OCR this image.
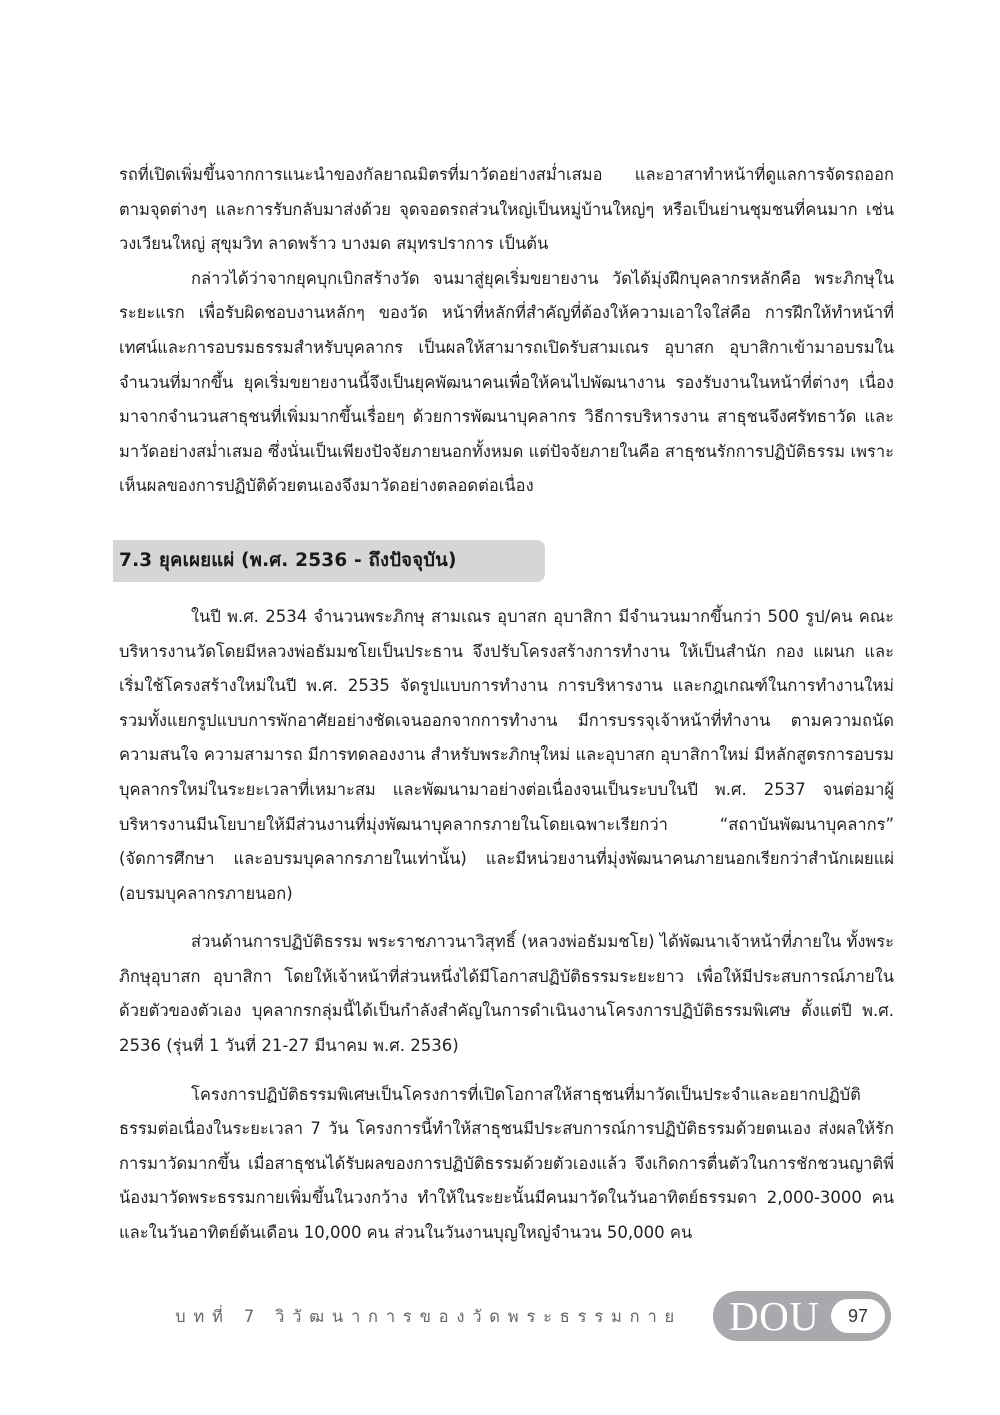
รถที่เปิดเพิ่มขึ้นจากการแนะนำของกัลยาณมิตรที่มาวัดอย่างสม่ำเสมอ และอาสาทำหน้าที่ดูแลการจัดรถออกตามจุดต่างๆ และการรับกลับมาส่งด้วย จุดจอดรถส่วนใหญ่เป็นหมู่บ้านใหญ่ๆ หรือเป็นย่านชุมชนที่คนมาก เช่น วงเวียนใหญ่ สุขุมวิท ลาดพร้าว บางมด สมุทรปราการ เป็นต้น

กล่าวได้ว่าจากยุคบุกเบิกสร้างวัด จนมาสู่ยุคเริ่มขยายงาน วัดได้มุ่งฝึกบุคลากรหลักคือ พระภิกษุในระยะแรก เพื่อรับผิดชอบงานหลักๆ ของวัด หน้าที่หลักที่สำคัญที่ต้องให้ความเอาใจใส่คือ การฝึกให้ทำหน้าที่เทศน์และการอบรมธรรมสำหรับบุคลากร เป็นผลให้สามารถเปิดรับสามเณร อุบาสก อุบาสิกาเข้ามาอบรมในจำนวนที่มากขึ้น ยุคเริ่มขยายงานนี้จึงเป็นยุคพัฒนาคนเพื่อให้คนไปพัฒนางาน รองรับงานในหน้าที่ต่างๆ เนื่องมาจากจำนวนสาธุชนที่เพิ่มมากขึ้นเรื่อยๆ ด้วยการพัฒนาบุคลากร วิธีการบริหารงาน สาธุชนจึงศรัทธาวัด และมาวัดอย่างสม่ำเสมอ ซึ่งนั่นเป็นเพียงปัจจัยภายนอกทั้งหมด แต่ปัจจัยภายในคือ สาธุชนรักการปฏิบัติธรรม เพราะเห็นผลของการปฏิบัติด้วยตนเองจึงมาวัดอย่างตลอดต่อเนื่อง

7.3 ยุคเผยแผ่ (พ.ศ. 2536 - ถึงปัจจุบัน)

ในปี พ.ศ. 2534 จำนวนพระภิกษุ สามเณร อุบาสก อุบาสิกา มีจำนวนมากขึ้นกว่า 500 รูป/คน คณะบริหารงานวัดโดยมีหลวงพ่อธัมมชโยเป็นประธาน จึงปรับโครงสร้างการทำงาน ให้เป็นสำนัก กอง แผนก และเริ่มใช้โครงสร้างใหม่ในปี พ.ศ. 2535 จัดรูปแบบการทำงาน การบริหารงาน และกฎเกณฑ์ในการทำงานใหม่ รวมทั้งแยกรูปแบบการพักอาศัยอย่างชัดเจนออกจากการทำงาน มีการบรรจุเจ้าหน้าที่ทำงาน ตามความถนัด ความสนใจ ความสามารถ มีการทดลองงาน สำหรับพระภิกษุใหม่ และอุบาสก อุบาสิกาใหม่ มีหลักสูตรการอบรมบุคลากรใหม่ในระยะเวลาที่เหมาะสม และพัฒนามาอย่างต่อเนื่องจนเป็นระบบในปี พ.ศ. 2537 จนต่อมาผู้บริหารงานมีนโยบายให้มีส่วนงานที่มุ่งพัฒนาบุคลากรภายในโดยเฉพาะเรียกว่า “สถาบันพัฒนาบุคลากร” (จัดการศึกษา และอบรมบุคลากรภายในเท่านั้น) และมีหน่วยงานที่มุ่งพัฒนาคนภายนอกเรียกว่าสำนักเผยแผ่ (อบรมบุคลากรภายนอก)

ส่วนด้านการปฏิบัติธรรม พระราชภาวนาวิสุทธิ์ (หลวงพ่อธัมมชโย) ได้พัฒนาเจ้าหน้าที่ภายใน ทั้งพระภิกษุอุบาสก อุบาสิกา โดยให้เจ้าหน้าที่ส่วนหนึ่งได้มีโอกาสปฏิบัติธรรมระยะยาว เพื่อให้มีประสบการณ์ภายในด้วยตัวของตัวเอง บุคลากรกลุ่มนี้ได้เป็นกำลังสำคัญในการดำเนินงานโครงการปฏิบัติธรรมพิเศษ ตั้งแต่ปี พ.ศ. 2536 (รุ่นที่ 1 วันที่ 21-27 มีนาคม พ.ศ. 2536)

โครงการปฏิบัติธรรมพิเศษเป็นโครงการที่เปิดโอกาสให้สาธุชนที่มาวัดเป็นประจำและอยากปฏิบัติธรรมต่อเนื่องในระยะเวลา 7 วัน โครงการนี้ทำให้สาธุชนมีประสบการณ์การปฏิบัติธรรมด้วยตนเอง ส่งผลให้รักการมาวัดมากขึ้น เมื่อสาธุชนได้รับผลของการปฏิบัติธรรมด้วยตัวเองแล้ว จึงเกิดการตื่นตัวในการชักชวนญาติพี่น้องมาวัดพระธรรมกายเพิ่มขึ้นในวงกว้าง ทำให้ในระยะนั้นมีคนมาวัดในวันอาทิตย์ธรรมดา 2,000-3000 คนและในวันอาทิตย์ต้นเดือน 10,000 คน ส่วนในวันงานบุญใหญ่จำนวน 50,000 คน

บทที่ 7 วิวัฒนาการของวัดพระธรรมกาย DOU	97
